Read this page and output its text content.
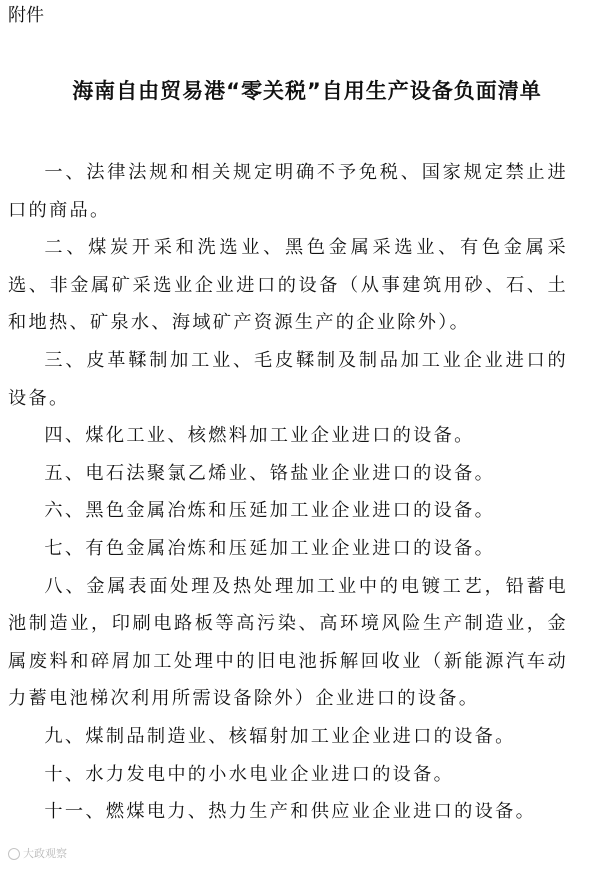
附件
海南自由贸易港“零关税”自用生产设备负面清单

一、法律法规和相关规定明确不予免税、国家规定禁止进口的商品。

二、煤炭开采和洗选业、黑色金属采选业、有色金属采选、非金属矿采选业企业进口的设备（从事建筑用砂、石、土和地热、矿泉水、海域矿产资源生产的企业除外）。

三、皮革鞣制加工业、毛皮鞣制及制品加工业企业进口的设备。

四、煤化工业、核燃料加工业企业进口的设备。

五、电石法聚氯乙烯业、铬盐业企业进口的设备。

六、黑色金属冶炼和压延加工业企业进口的设备。

七、有色金属冶炼和压延加工业企业进口的设备。

八、金属表面处理及热处理加工业中的电镀工艺，铅蓄电池制造业，印刷电路板等高污染、高环境风险生产制造业，金属废料和碎屑加工处理中的旧电池拆解回收业（新能源汽车动力蓄电池梯次利用所需设备除外）企业进口的设备。

九、煤制品制造业、核辐射加工业企业进口的设备。

十、水力发电中的小水电业企业进口的设备。

十一、燃煤电力、热力生产和供应业企业进口的设备。

大政观察
